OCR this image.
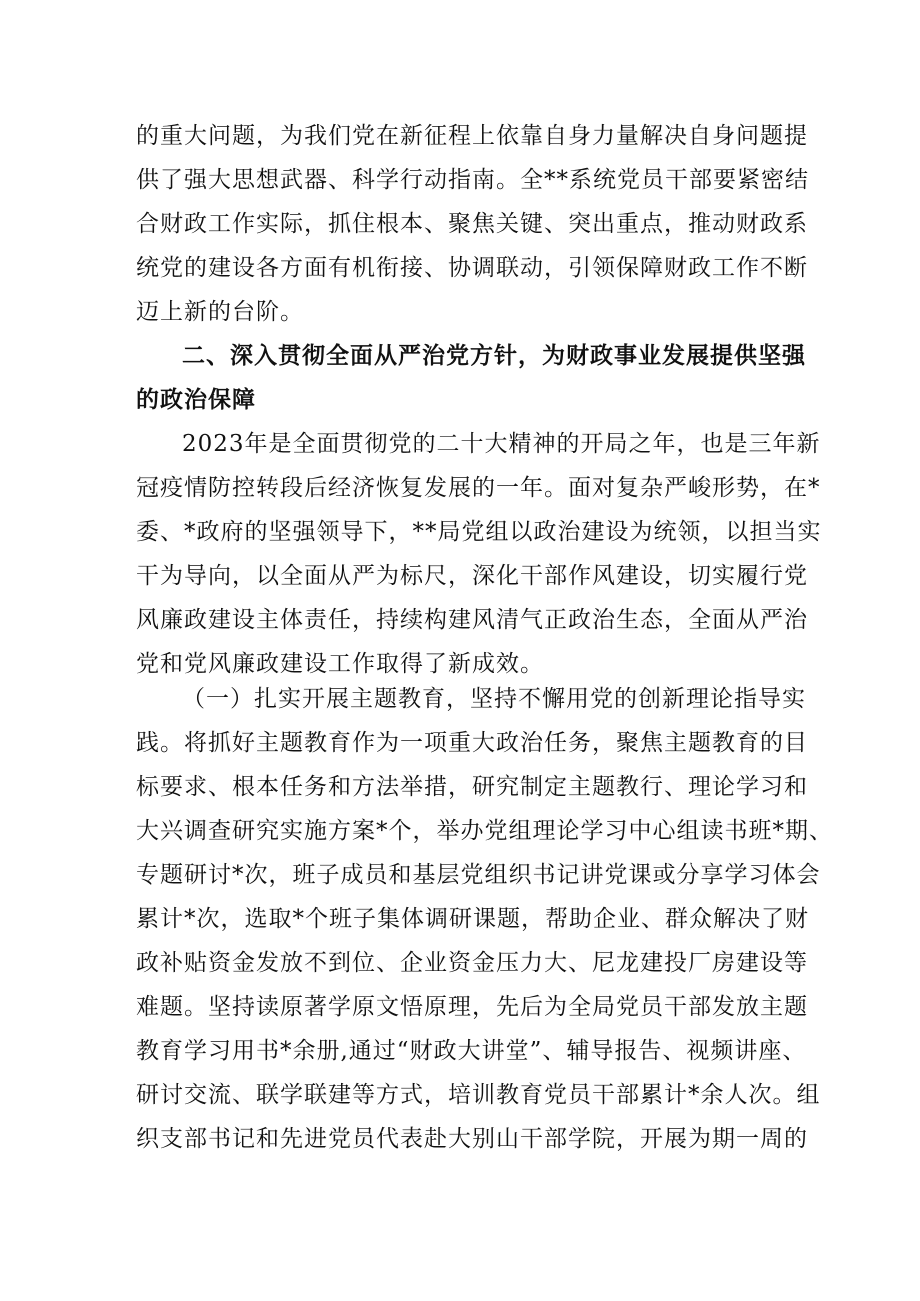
的重大问题，为我们党在新征程上依靠自身力量解决自身问题提
供了强大思想武器、科学行动指南。全**系统党员干部要紧密结
合财政工作实际，抓住根本、聚焦关键、突出重点，推动财政系
统党的建设各方面有机衔接、协调联动，引领保障财政工作不断
迈上新的台阶。
二、深入贯彻全面从严治党方针，为财政事业发展提供坚强
的政治保障
2023年是全面贯彻党的二十大精神的开局之年，也是三年新
冠疫情防控转段后经济恢复发展的一年。面对复杂严峻形势，在*
委、*政府的坚强领导下，**局党组以政治建设为统领，以担当实
干为导向，以全面从严为标尺，深化干部作风建设，切实履行党
风廉政建设主体责任，持续构建风清气正政治生态，全面从严治
党和党风廉政建设工作取得了新成效。
（一）扎实开展主题教育，坚持不懈用党的创新理论指导实
践。将抓好主题教育作为一项重大政治任务，聚焦主题教育的目
标要求、根本任务和方法举措，研究制定主题教行、理论学习和
大兴调查研究实施方案*个，举办党组理论学习中心组读书班*期、
专题研讨*次，班子成员和基层党组织书记讲党课或分享学习体会
累计*次，选取*个班子集体调研课题，帮助企业、群众解决了财
政补贴资金发放不到位、企业资金压力大、尼龙建投厂房建设等
难题。坚持读原著学原文悟原理，先后为全局党员干部发放主题
教育学习用书*余册,通过“财政大讲堂”、辅导报告、视频讲座、
研讨交流、联学联建等方式，培训教育党员干部累计*余人次。组
织支部书记和先进党员代表赴大别山干部学院，开展为期一周的
